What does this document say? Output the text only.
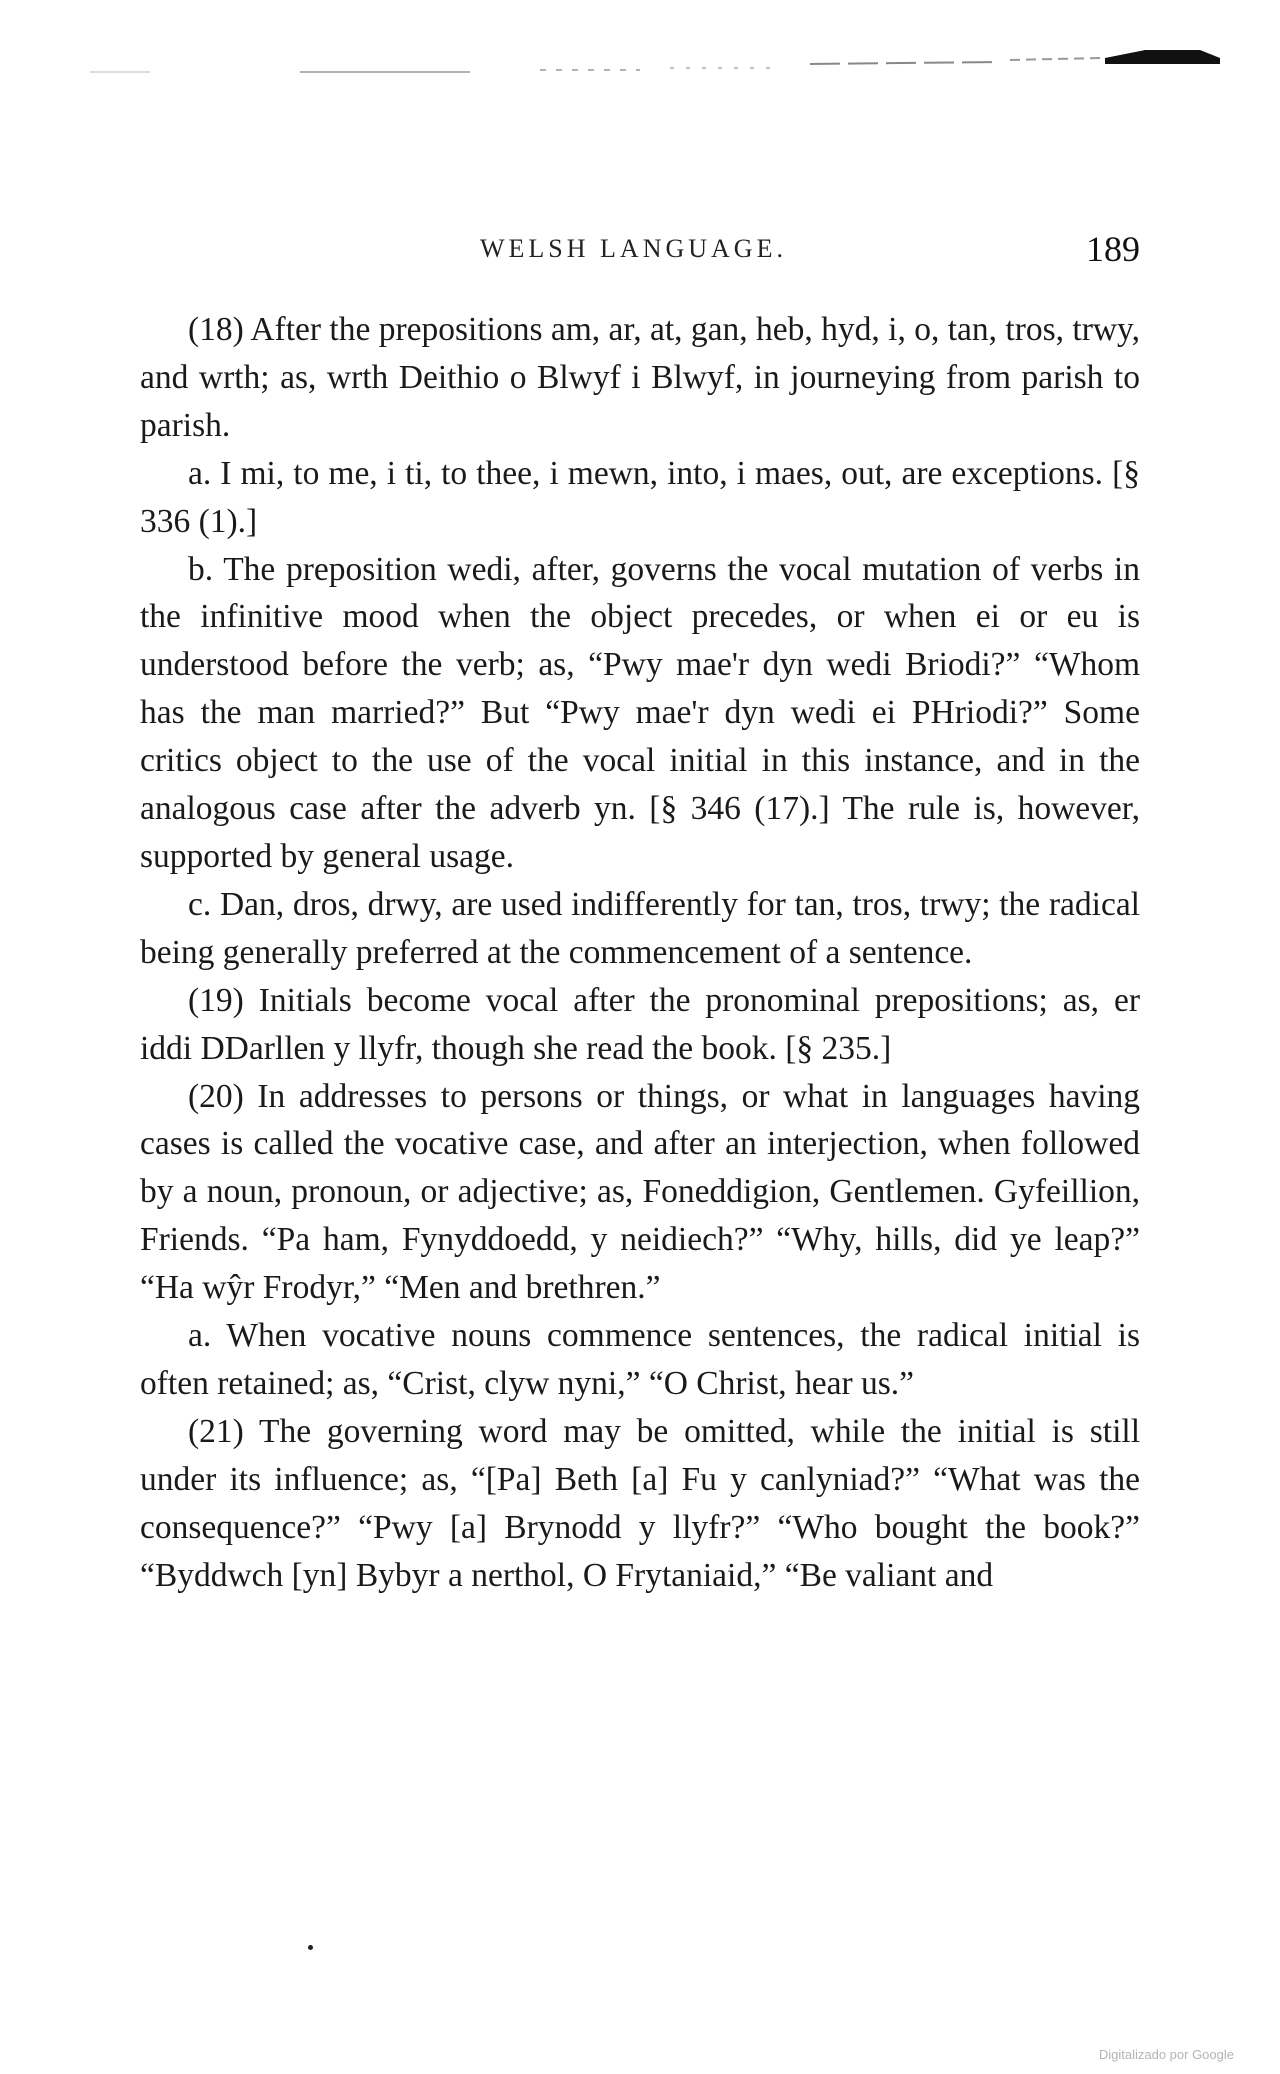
WELSH LANGUAGE.	189

(18) After the prepositions am, ar, at, gan, heb, hyd, i, o, tan, tros, trwy, and wrth; as, wrth Deithio o Blwyf i Blwyf, in journeying from parish to parish.

a. I mi, to me, i ti, to thee, i mewn, into, i maes, out, are exceptions. [§ 336 (1).]

b. The preposition wedi, after, governs the vocal mutation of verbs in the infinitive mood when the object precedes, or when ei or eu is understood before the verb; as, “Pwy mae'r dyn wedi Briodi?” “Whom has the man married?” But “Pwy mae'r dyn wedi ei PHriodi?” Some critics object to the use of the vocal initial in this instance, and in the analogous case after the adverb yn. [§ 346 (17).] The rule is, however, supported by general usage.

c. Dan, dros, drwy, are used indifferently for tan, tros, trwy; the radical being generally preferred at the commencement of a sentence.

(19) Initials become vocal after the pronominal prepositions; as, er iddi DDarllen y llyfr, though she read the book. [§ 235.]

(20) In addresses to persons or things, or what in languages having cases is called the vocative case, and after an interjection, when followed by a noun, pronoun, or adjective; as, Foneddigion, Gentlemen. Gyfeillion, Friends. “Pa ham, Fynyddoedd, y neidiech?” “Why, hills, did ye leap?” “Ha wŷr Frodyr,” “Men and brethren.”

a. When vocative nouns commence sentences, the radical initial is often retained; as, “Crist, clyw nyni,” “O Christ, hear us.”

(21) The governing word may be omitted, while the initial is still under its influence; as, “[Pa] Beth [a] Fu y canlyniad?” “What was the consequence?” “Pwy [a] Brynodd y llyfr?” “Who bought the book?” “Byddwch [yn] Bybyr a nerthol, O Frytaniaid,” “Be valiant and

Digitalizado por Google
